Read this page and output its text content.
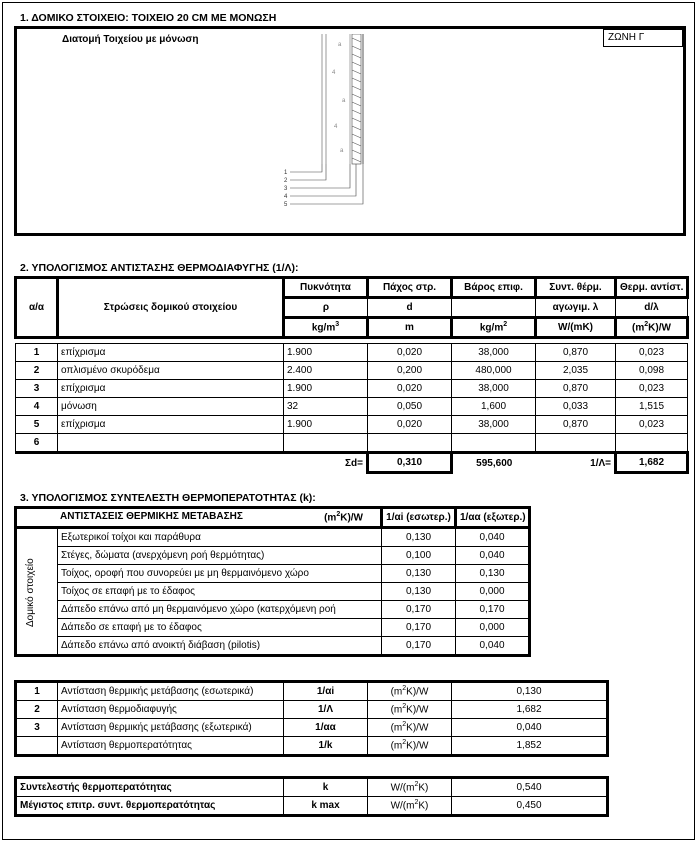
1. ΔΟΜΙΚΟ ΣΤΟΙΧΕΙΟ: ΤΟΙΧΕΙΟ 20 CM ΜΕ ΜΟΝΩΣΗ
Διατομή Τοιχείου με μόνωση	ΖΩΝΗ Γ
a
4
a
4
a
1
2
3
4
5
2. ΥΠΟΛΟΓΙΣΜΟΣ ΑΝΤΙΣΤΑΣΗΣ ΘΕΡΜΟΔΙΑΦΥΓΗΣ (1/Λ):
α/α	Στρώσεις δομικού στοιχείου	Πυκνότητα	Πάχος στρ.	Βάρος επιφ.	Συντ. θέρμ.	Θερμ. αντίστ.
		ρ	d		αγωγιμ. λ	d/λ
		$kg/m^3$	m	$kg/m^2$	W/(mK)	$(m^2K)/W$

1	επίχρισμα	1.900	0,020	38,000	0,870	0,023
2	οπλισμένο σκυρόδεμα	2.400	0,200	480,000	2,035	0,098
3	επίχρισμα	1.900	0,020	38,000	0,870	0,023
4	μόνωση	32	0,050	1,600	0,033	1,515
5	επίχρισμα	1.900	0,020	38,000	0,870	0,023
6						
		Σd=	0,310	595,600	1/Λ=	1,682
3. ΥΠΟΛΟΓΙΣΜΟΣ ΣΥΝΤΕΛΕΣΤΗ ΘΕΡΜΟΠΕΡΑΤΟΤΗΤΑΣ (k):
ΑΝΤΙΣΤΑΣΕΙΣ ΘΕΡΜΙΚΗΣ ΜΕΤΑΒΑΣΗΣ $(m^2K)/W$		1/αi (εσωτερ.)	1/αα (εξωτερ.)

Δομικό στοιχείο	Εξωτερικοί τοίχοι και παράθυρα	0,130	0,040
	Στέγες, δώματα (ανερχόμενη ροή θερμότητας)	0,100	0,040
	Τοίχος, οροφή που συνορεύει με μη θερμαινόμενο χώρο	0,130	0,130
	Τοίχος σε επαφή με το έδαφος	0,130	0,000
	Δάπεδο επάνω από μη θερμαινόμενο χώρο (κατερχόμενη ροή	0,170	0,170
	Δάπεδο σε επαφή με το έδαφος	0,170	0,000
	Δάπεδο επάνω από ανοικτή διάβαση (pilotis)	0,170	0,040
1	Αντίσταση θερμικής μετάβασης (εσωτερικά)	1/αi	$(m^2K)/W$	0,130
2	Αντίσταση θερμοδιαφυγής	1/Λ	$(m^2K)/W$	1,682
3	Αντίσταση θερμικής μετάβασης (εξωτερικά)	1/αα	$(m^2K)/W$	0,040
	Αντίσταση θερμοπερατότητας	1/k	$(m^2K)/W$	1,852
Συντελεστής θερμοπερατότητας	k	$W/(m^2K)$	0,540
Μέγιστος επιτρ. συντ. θερμοπερατότητας	k max	$W/(m^2K)$	0,450
